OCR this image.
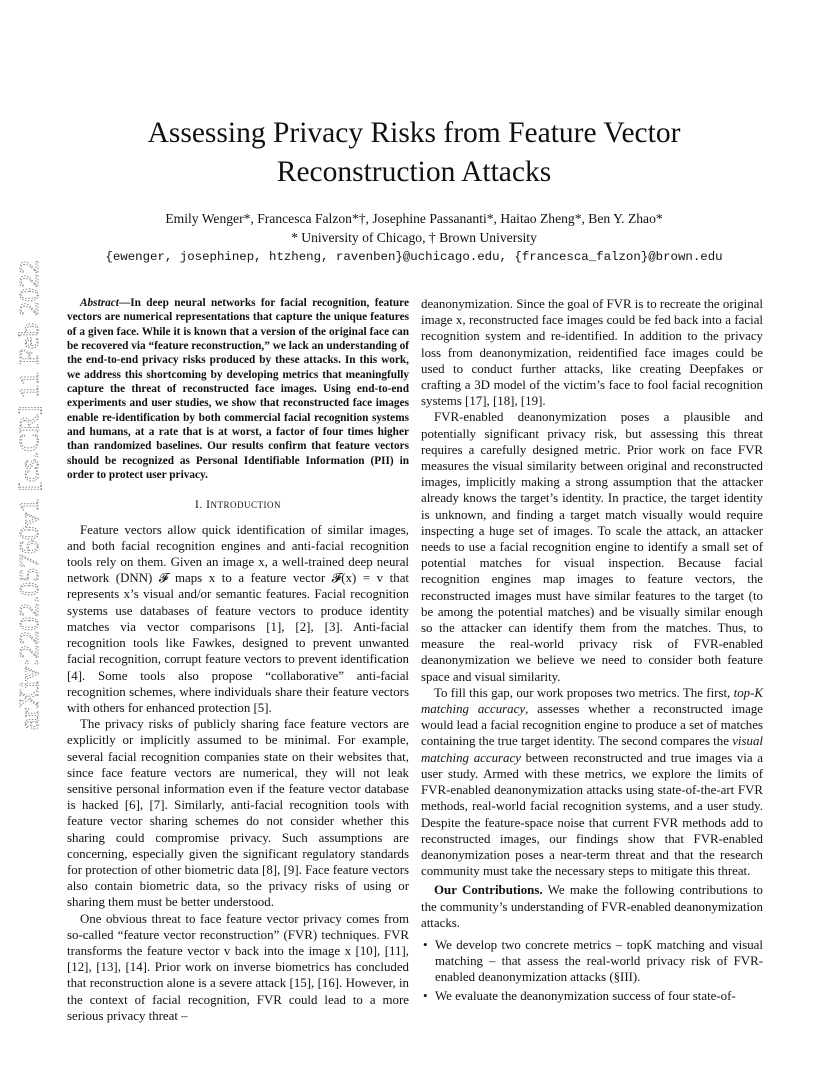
arXiv:2202.05760v1 [cs.CR] 11 Feb 2022
Assessing Privacy Risks from Feature Vector
Reconstruction Attacks
Emily Wenger*, Francesca Falzon*†, Josephine Passananti*, Haitao Zheng*, Ben Y. Zhao*
* University of Chicago, † Brown University
{ewenger, josephinep, htzheng, ravenben}@uchicago.edu, {francesca_falzon}@brown.edu

Abstract—In deep neural networks for facial recognition, feature vectors are numerical representations that capture the unique features of a given face. While it is known that a version of the original face can be recovered via “feature reconstruction,” we lack an understanding of the end-to-end privacy risks produced by these attacks. In this work, we address this shortcoming by developing metrics that meaningfully capture the threat of reconstructed face images. Using end-to-end experiments and user studies, we show that reconstructed face images enable re-identification by both commercial facial recognition systems and humans, at a rate that is at worst, a factor of four times higher than randomized baselines. Our results confirm that feature vectors should be recognized as Personal Identifiable Information (PII) in order to protect user privacy.

I. Introduction

Feature vectors allow quick identification of similar images, and both facial recognition engines and anti-facial recognition tools rely on them. Given an image x, a well-trained deep neural network (DNN) 𝓕 maps x to a feature vector 𝓕(x) = v that represents x’s visual and/or semantic features. Facial recognition systems use databases of feature vectors to produce identity matches via vector comparisons [1], [2], [3]. Anti-facial recognition tools like Fawkes, designed to prevent unwanted facial recognition, corrupt feature vectors to prevent identification [4]. Some tools also propose “collaborative” anti-facial recognition schemes, where individuals share their feature vectors with others for enhanced protection [5].

The privacy risks of publicly sharing face feature vectors are explicitly or implicitly assumed to be minimal. For example, several facial recognition companies state on their websites that, since face feature vectors are numerical, they will not leak sensitive personal information even if the feature vector database is hacked [6], [7]. Similarly, anti-facial recognition tools with feature vector sharing schemes do not consider whether this sharing could compromise privacy. Such assumptions are concerning, especially given the significant regulatory standards for protection of other biometric data [8], [9]. Face feature vectors also contain biometric data, so the privacy risks of using or sharing them must be better understood.

One obvious threat to face feature vector privacy comes from so-called “feature vector reconstruction” (FVR) techniques. FVR transforms the feature vector v back into the image x [10], [11], [12], [13], [14]. Prior work on inverse biometrics has concluded that reconstruction alone is a severe attack [15], [16]. However, in the context of facial recognition, FVR could lead to a more serious privacy threat –

deanonymization. Since the goal of FVR is to recreate the original image x, reconstructed face images could be fed back into a facial recognition system and re-identified. In addition to the privacy loss from deanonymization, reidentified face images could be used to conduct further attacks, like creating Deepfakes or crafting a 3D model of the victim’s face to fool facial recognition systems [17], [18], [19].

FVR-enabled deanonymization poses a plausible and potentially significant privacy risk, but assessing this threat requires a carefully designed metric. Prior work on face FVR measures the visual similarity between original and reconstructed images, implicitly making a strong assumption that the attacker already knows the target’s identity. In practice, the target identity is unknown, and finding a target match visually would require inspecting a huge set of images. To scale the attack, an attacker needs to use a facial recognition engine to identify a small set of potential matches for visual inspection. Because facial recognition engines map images to feature vectors, the reconstructed images must have similar features to the target (to be among the potential matches) and be visually similar enough so the attacker can identify them from the matches. Thus, to measure the real-world privacy risk of FVR-enabled deanonymization we believe we need to consider both feature space and visual similarity.

To fill this gap, our work proposes two metrics. The first, top-K matching accuracy, assesses whether a reconstructed image would lead a facial recognition engine to produce a set of matches containing the true target identity. The second compares the visual matching accuracy between reconstructed and true images via a user study. Armed with these metrics, we explore the limits of FVR-enabled deanonymization attacks using state-of-the-art FVR methods, real-world facial recognition systems, and a user study. Despite the feature-space noise that current FVR methods add to reconstructed images, our findings show that FVR-enabled deanonymization poses a near-term threat and that the research community must take the necessary steps to mitigate this threat.

Our Contributions. We make the following contributions to the community’s understanding of FVR-enabled deanonymization attacks.

• We develop two concrete metrics – topK matching and visual matching – that assess the real-world privacy risk of FVR-enabled deanonymization attacks (§III).
• We evaluate the deanonymization success of four state-of-
